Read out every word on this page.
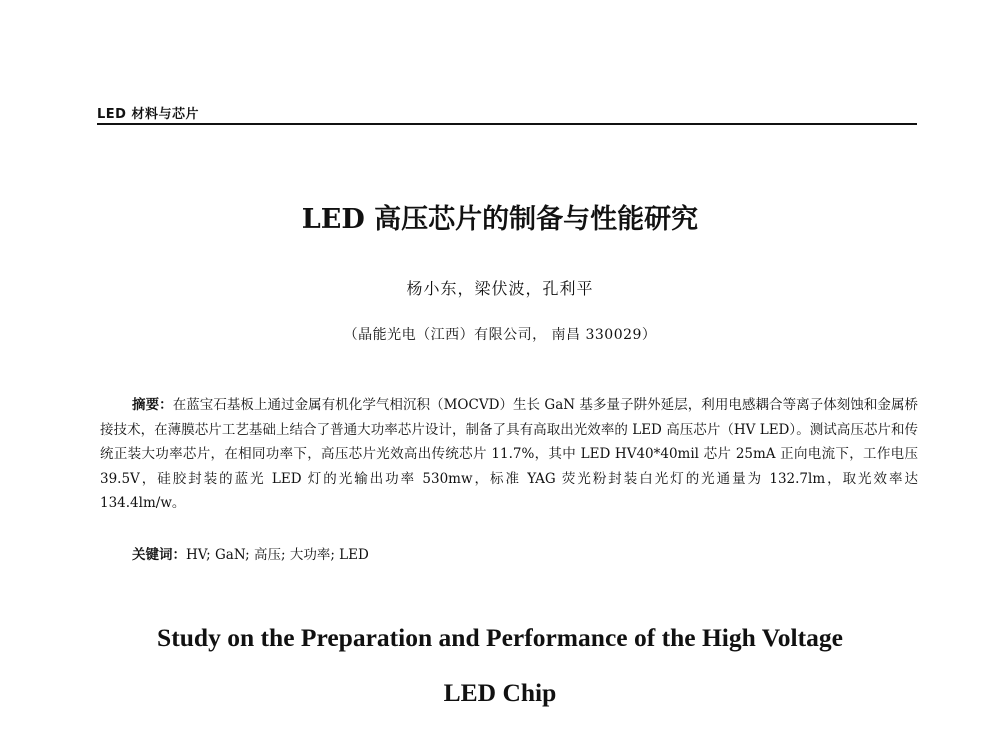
LED 材料与芯片
LED 高压芯片的制备与性能研究
杨小东，梁伏波，孔利平
（晶能光电（江西）有限公司， 南昌 330029）
摘要：在蓝宝石基板上通过金属有机化学气相沉积（MOCVD）生长 GaN 基多量子阱外延层，利用电感耦合等离子体刻蚀和金属桥接技术，在薄膜芯片工艺基础上结合了普通大功率芯片设计，制备了具有高取出光效率的 LED 高压芯片（HV LED）。测试高压芯片和传统正装大功率芯片，在相同功率下，高压芯片光效高出传统芯片 11.7%，其中 LED HV40*40mil 芯片 25mA 正向电流下，工作电压 39.5V，硅胶封装的蓝光 LED 灯的光输出功率 530mw，标准 YAG 荧光粉封装白光灯的光通量为 132.7lm，取光效率达 134.4lm/w。
关键词：HV; GaN; 高压; 大功率; LED
Study on the Preparation and Performance of the High Voltage
LED Chip
